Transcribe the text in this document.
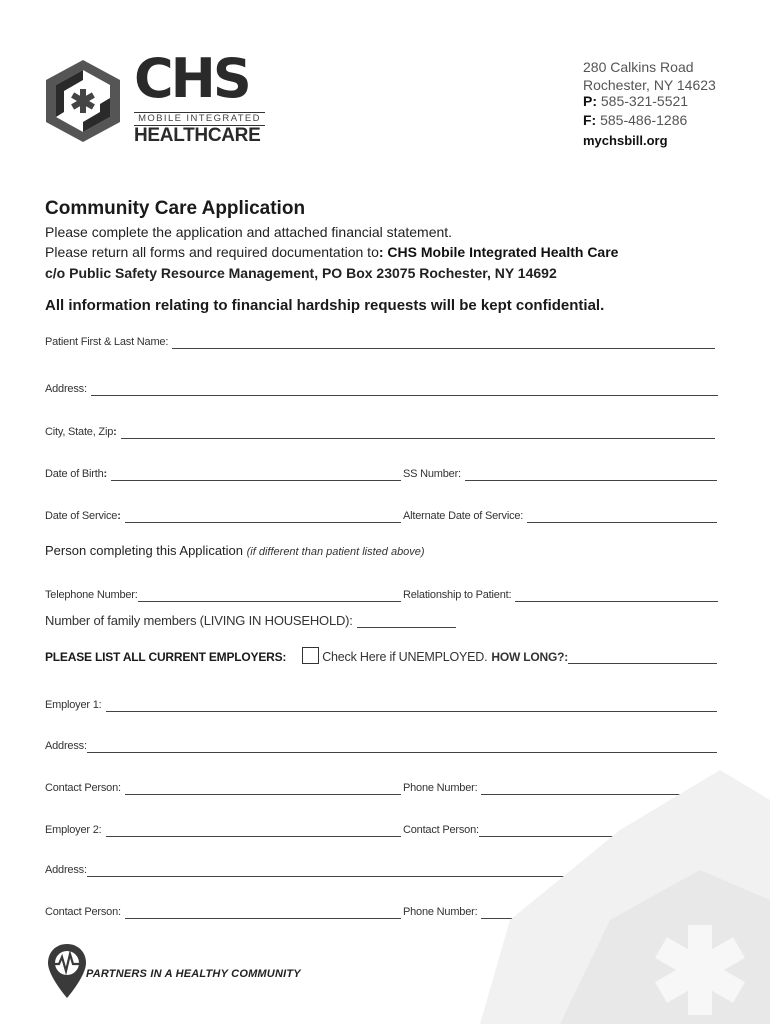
CHS
MOBILE INTEGRATED
HEALTHCARE
280 Calkins Road
Rochester, NY 14623
P: 585-321-5521
F: 585-486-1286
mychsbill.org
Community Care Application
Please complete the application and attached financial statement.
Please return all forms and required documentation to: CHS Mobile Integrated Health Care
c/o Public Safety Resource Management, PO Box 23075 Rochester, NY 14692
All information relating to financial hardship requests will be kept confidential.
Patient First & Last Name:
Address:
City, State, Zip:
Date of Birth:	SS Number:
Date of Service:	Alternate Date of Service:
Person completing this Application (if different than patient listed above)
Telephone Number:	Relationship to Patient:
Number of family members (LIVING IN HOUSEHOLD):
PLEASE LIST ALL CURRENT EMPLOYERS:	Check Here if UNEMPLOYED. HOW LONG?:
Employer 1:
Address:
Contact Person:	Phone Number:
Employer 2:	Contact Person:
Address:
Contact Person:	Phone Number:
PARTNERS IN A HEALTHY COMMUNITY
